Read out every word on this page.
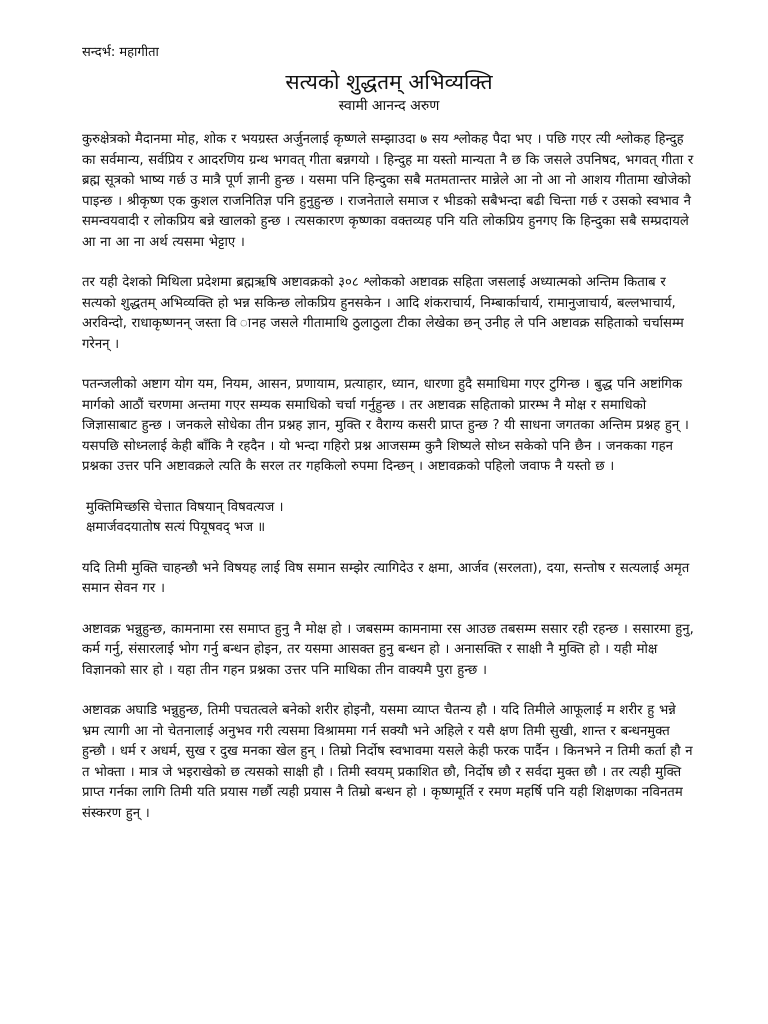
सन्दर्भ: महागीता
सत्यको शुद्धतम् अभिव्यक्ति
स्वामी आनन्द अरुण

कुरुक्षेत्रको मैदानमा मोह, शोक र भयग्रस्त अर्जुनलाई कृष्णले सम्झाउदा ७ सय श्लोकह पैदा भए । पछि गएर त्यी श्लोकह हिन्दुह का सर्वमान्य, सर्वप्रिय र आदरणिय ग्रन्थ भगवत् गीता बन्नगयो । हिन्दुह मा यस्तो मान्यता नै छ कि जसले उपनिषद, भगवत् गीता र ब्रह्म सूत्रको भाष्य गर्छ उ मात्रै पूर्ण ज्ञानी हुन्छ । यसमा पनि हिन्दुका सबै मतमतान्तर मान्नेले आ नो आ नो आशय गीतामा खोजेको पाइन्छ । श्रीकृष्ण एक कुशल राजनितिज्ञ पनि हुनुहुन्छ । राजनेताले समाज र भीडको सबैभन्दा बढी चिन्ता गर्छ र उसको स्वभाव नै समन्वयवादी र लोकप्रिय बन्ने खालको हुन्छ । त्यसकारण कृष्णका वक्तव्यह पनि यति लोकप्रिय हुनगए कि हिन्दुका सबै सम्प्रदायले आ ना आ ना अर्थ त्यसमा भेट्टाए ।

तर यही देशको मिथिला प्रदेशमा ब्रह्मऋषि अष्टावक्रको ३०८ श्लोकको अष्टावक्र सहिता जसलाई अध्यात्मको अन्तिम किताब र सत्यको शुद्धतम् अभिव्यक्ति हो भन्न सकिन्छ लोकप्रिय हुनसकेन । आदि शंकराचार्य, निम्बार्काचार्य, रामानुजाचार्य, बल्लभाचार्य, अरविन्दो, राधाकृष्णनन् जस्ता वि ानह जसले गीतामाथि ठुलाठुला टीका लेखेका छन् उनीह ले पनि अष्टावक्र सहिताको चर्चासम्म गरेनन् ।

पतन्जलीको अष्टाग योग यम, नियम, आसन, प्रणायाम, प्रत्याहार, ध्यान, धारणा हुदै समाधिमा गएर टुगिन्छ । बुद्ध पनि अष्टांगिक मार्गको आठौं चरणमा अन्तमा गएर सम्यक समाधिको चर्चा गर्नुहुन्छ । तर अष्टावक्र सहिताको प्रारम्भ नै मोक्ष र समाधिको जिज्ञासाबाट हुन्छ । जनकले सोधेका तीन प्रश्नह ज्ञान, मुक्ति र वैराग्य कसरी प्राप्त हुन्छ ? यी साधना जगतका अन्तिम प्रश्नह हुन् । यसपछि सोध्नलाई केही बाँकि नै रहदैन । यो भन्दा गहिरो प्रश्न आजसम्म कुनै शिष्यले सोध्न सकेको पनि छैन । जनकका गहन प्रश्नका उत्तर पनि अष्टावक्रले त्यति कै सरल तर गहकिलो रुपमा दिन्छन् । अष्टावक्रको पहिलो जवाफ नै यस्तो छ ।

मुक्तिमिच्छसि चेत्तात विषयान् विषवत्यज ।
क्षमार्जवदयातोष सत्यं पियूषवद् भज ॥

यदि तिमी मुक्ति चाहन्छौ भने विषयह लाई विष समान सम्झेर त्यागिदेउ र क्षमा, आर्जव (सरलता), दया, सन्तोष र सत्यलाई अमृत समान सेवन गर ।

अष्टावक्र भन्नुहुन्छ, कामनामा रस समाप्त हुनु नै मोक्ष हो । जबसम्म कामनामा रस आउछ तबसम्म ससार रही रहन्छ । ससारमा हुनु, कर्म गर्नु, संसारलाई भोग गर्नु बन्धन होइन, तर यसमा आसक्त हुनु बन्धन हो । अनासक्ति र साक्षी नै मुक्ति हो । यही मोक्ष विज्ञानको सार हो । यहा तीन गहन प्रश्नका उत्तर पनि माथिका तीन वाक्यमै पुरा हुन्छ ।

अष्टावक्र अघाडि भन्नुहुन्छ, तिमी पचतत्वले बनेको शरीर होइनौ, यसमा व्याप्त चैतन्य हौ । यदि तिमीले आफूलाई म शरीर हु भन्ने भ्रम त्यागी आ नो चेतनालाई अनुभव गरी त्यसमा विश्राममा गर्न सक्यौ भने अहिले र यसै क्षण तिमी सुखी, शान्त र बन्धनमुक्त हुन्छौ । धर्म र अधर्म, सुख र दुख मनका खेल हुन् । तिम्रो निर्दोष स्वभावमा यसले केही फरक पार्दैन । किनभने न तिमी कर्ता हौ न त भोक्ता । मात्र जे भइराखेको छ त्यसको साक्षी हौ । तिमी स्वयम् प्रकाशित छौ, निर्दोष छौ र सर्वदा मुक्त छौ । तर त्यही मुक्ति प्राप्त गर्नका लागि तिमी यति प्रयास गर्छौ त्यही प्रयास नै तिम्रो बन्धन हो । कृष्णमूर्ति र रमण महर्षि पनि यही शिक्षणका नविनतम संस्करण हुन् ।
